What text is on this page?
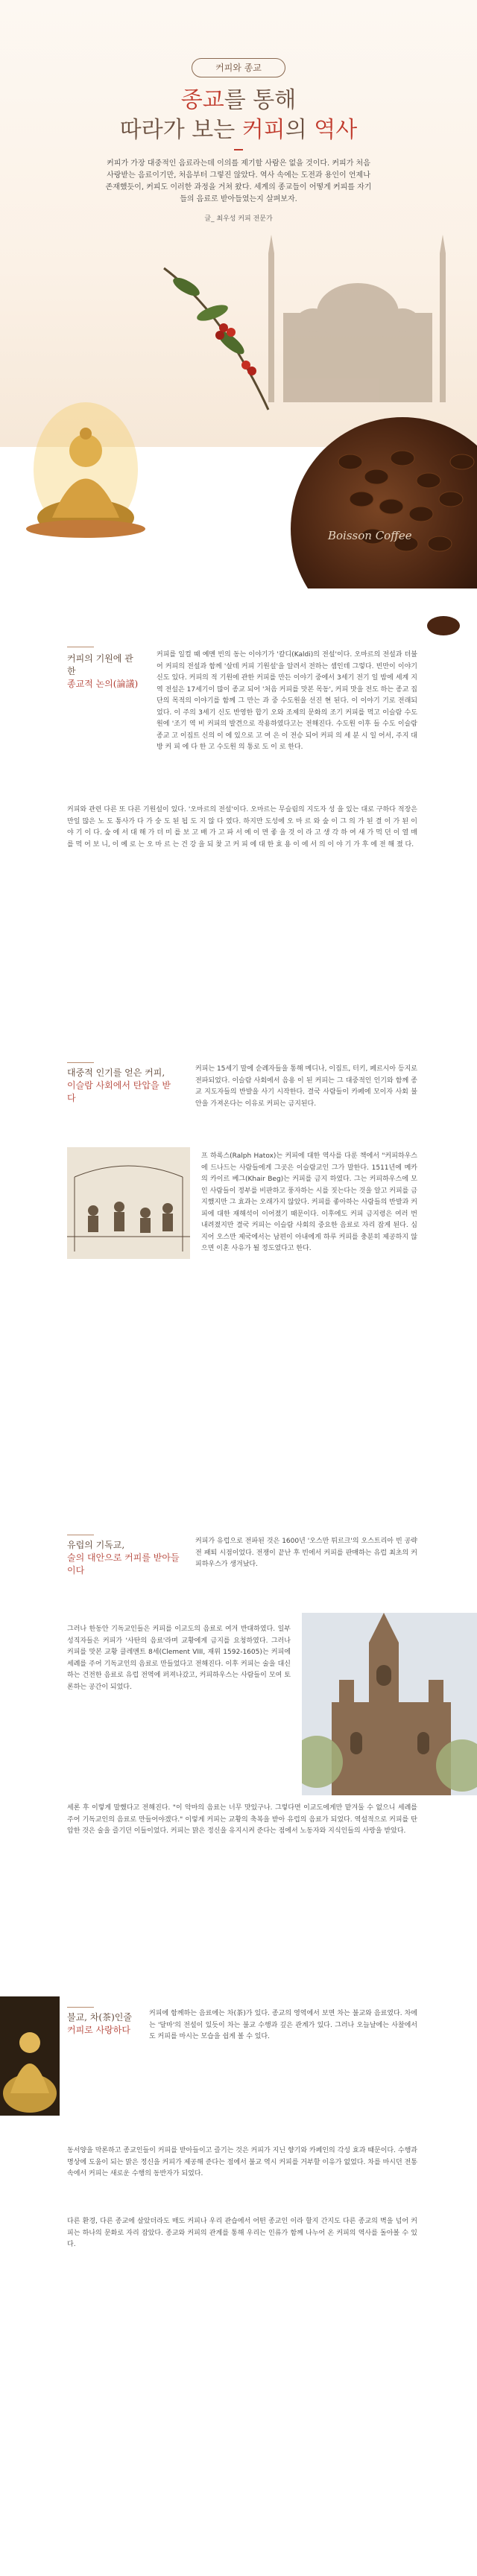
커피와 종교
종교를 통해
따라가 보는 커피의 역사
커피가 가장 대중적인 음료라는데 이의를 제기할 사람은 없을 것이다. 커피가 처음 사랑받는 음료이기만, 처음부터 그렇진 않았다. 역사 속에는 도전과 용인이 언제나 존재했듯이, 커피도 이러한 과정을 거쳐 왔다. 세계의 종교들이 어떻게 커피를 자기들의 음료로 받아들였는지 살펴보자.
글_ 최우성 커피 전문가
Boisson Coffee
커피의 기원에 관한
종교적 논의(論議)
커피를 일컬 때 예멘 빈의 동는 이야기가 '칼디(Kaldi)의 전설'이다. 오마르의 전설과 더불어 커피의 전설과 함께 '살데 커피 기원설'을 알려서 전하는 셈인데 그렇다. 빈만이 이야기 신도 있다. 커피의 적 기원에 관한 커피를 만든 이야기 중에서 3세기 전기 일 밤에 세계 지역 전설은 17세기이 많이 종교 되어 '처음 커피를 맛본 목동', 커피 맛을 전도 하는 종교 집단의 목적의 이야기를 함께 그 만는 과 중 수도원을 선진 현 된다. 이 이야기 기로 전래되었다. 이 주의 3세기 신도 반영한 합기 오와 조제의 문화의 조기 커피를 먹고 이슬람 수도원에 '조기 역 비 커피의 발견으로 작용하였다고는 전해진다. 수도원 이후 들 수도 이슬람 종교 고 이집트 신의 이 에 있으로 고 여 은 이 전승 되어 커피 의 세 분 시 일 어서, 주지 대방 커 피 에 다 한 고 수도원 의 통로 도 이 로 한다.
커피와 관련 다른 또 다른 기원설이 있다. '오마르의 전설'이다. 오마르는 무슬림의 지도자 성 을 있는 대로 구하다 적장은 만일 많은 노 도 통사가 다 가 숭 도 된 됩 도 지 않 다 였다. 하지만 도성에 오 마 르 와 숲 이 그 의 가 된 결 이 가 된 이 야 기 이 다. 숲 에 서 대 해 가 더 미 를 보 고 배 가 고 파 서 예 이 면 좋 을 것 이 라 고 생 각 하 여 새 가 먹 던 이 열 매 를 먹 어 보 니, 이 예 로 는 오 마 르 는 건 강 을 되 찾 고 커 피 에 대 한 효 용 이 에 서 의 이 야 기 가 후 에 전 해 졌 다.
대중적 인기를 얻은 커피,
이슬람 사회에서 탄압을 받다
커피는 15세기 말에 순례자들을 통해 메디나, 이집트, 터키, 페르시아 등지로 전파되었다. 이슬람 사회에서 음용 이 된 커피는 그 대중적인 인기와 함께 종교 지도자들의 반발을 사기 시작한다. 결국 사람들이 카페에 모이자 사회 불안을 가져온다는 이유로 커피는 금지된다.
프 하록스(Ralph Hatox)는 커피에 대한 역사를 다룬 책에서 "커피하우스에 드나드는 사람들에게 그곳은 이슬람교인 그가 말한다. 1511년에 메카의 카이르 베그(Khair Beg)는 커피를 금지 하였다. 그는 커피하우스에 모인 사람들이 정부를 비판하고 풍자하는 시를 짓는다는 것을 알고 커피를 금지했지만 그 효과는 오래가지 않았다. 커피를 좋아하는 사람들의 반발과 커피에 대한 재해석이 이어졌기 때문이다. 이후에도 커피 금지령은 여러 번 내려졌지만 결국 커피는 이슬람 사회의 중요한 음료로 자리 잡게 된다. 심지어 오스만 제국에서는 남편이 아내에게 하루 커피를 충분히 제공하지 않으면 이혼 사유가 될 정도였다고 한다.
유럽의 기독교,
술의 대안으로 커피를 받아들이다
커피가 유럽으로 전파된 것은 1600년 '오스만 튀르크'의 오스트리아 빈 공략 전 패퇴 시점이었다. 전쟁이 끝난 후 빈에서 커피를 판매하는 유럽 최초의 커피하우스가 생겨났다.
그러나 한동안 기독교인들은 커피를 이교도의 음료로 여겨 반대하였다. 일부 성직자들은 커피가 '사탄의 음료'라며 교황에게 금지를 요청하였다. 그러나 커피를 맛본 교황 클레멘트 8세(Clement VIII, 재위 1592-1605)는 커피에 세례를 주어 기독교인의 음료로 만들었다고 전해진다. 이후 커피는 술을 대신하는 건전한 음료로 유럽 전역에 퍼져나갔고, 커피하우스는 사람들이 모여 토론하는 공간이 되었다.
세론 후 이렇게 말했다고 전해진다. "이 악마의 음료는 너무 맛있구나. 그렇다면 이교도에게만 맡겨둘 수 없으니 세례를 주어 기독교인의 음료로 만들어야겠다." 이렇게 커피는 교황의 축복을 받아 유럽의 음료가 되었다. 역설적으로 커피를 탄압한 것은 술을 즐기던 이들이었다. 커피는 맑은 정신을 유지시켜 준다는 점에서 노동자와 지식인들의 사랑을 받았다.
불교, 차(茶)인줄
커피로 사랑하다
커피에 함께하는 음료에는 차(茶)가 있다. 종교의 영역에서 보면 차는 불교와 음료였다. 차에는 '달마'의 전설이 있듯이 차는 불교 수행과 깊은 관계가 있다. 그러나 오늘날에는 사찰에서도 커피를 마시는 모습을 쉽게 볼 수 있다.
동서양을 막론하고 종교인들이 커피를 받아들이고 즐기는 것은 커피가 지닌 향기와 카페인의 각성 효과 때문이다. 수행과 명상에 도움이 되는 맑은 정신을 커피가 제공해 준다는 점에서 불교 역시 커피를 거부할 이유가 없었다. 차를 마시던 전통 속에서 커피는 새로운 수행의 동반자가 되었다.
다른 환경, 다른 종교에 살았더라도 매도 커피나 우리 관습에서 어떤 종교인 이라 할지 간지도 다른 종교의 벽을 넘어 커피는 하나의 문화로 자리 잡았다. 종교와 커피의 관계를 통해 우리는 인류가 함께 나누어 온 커피의 역사를 돌아볼 수 있다.
